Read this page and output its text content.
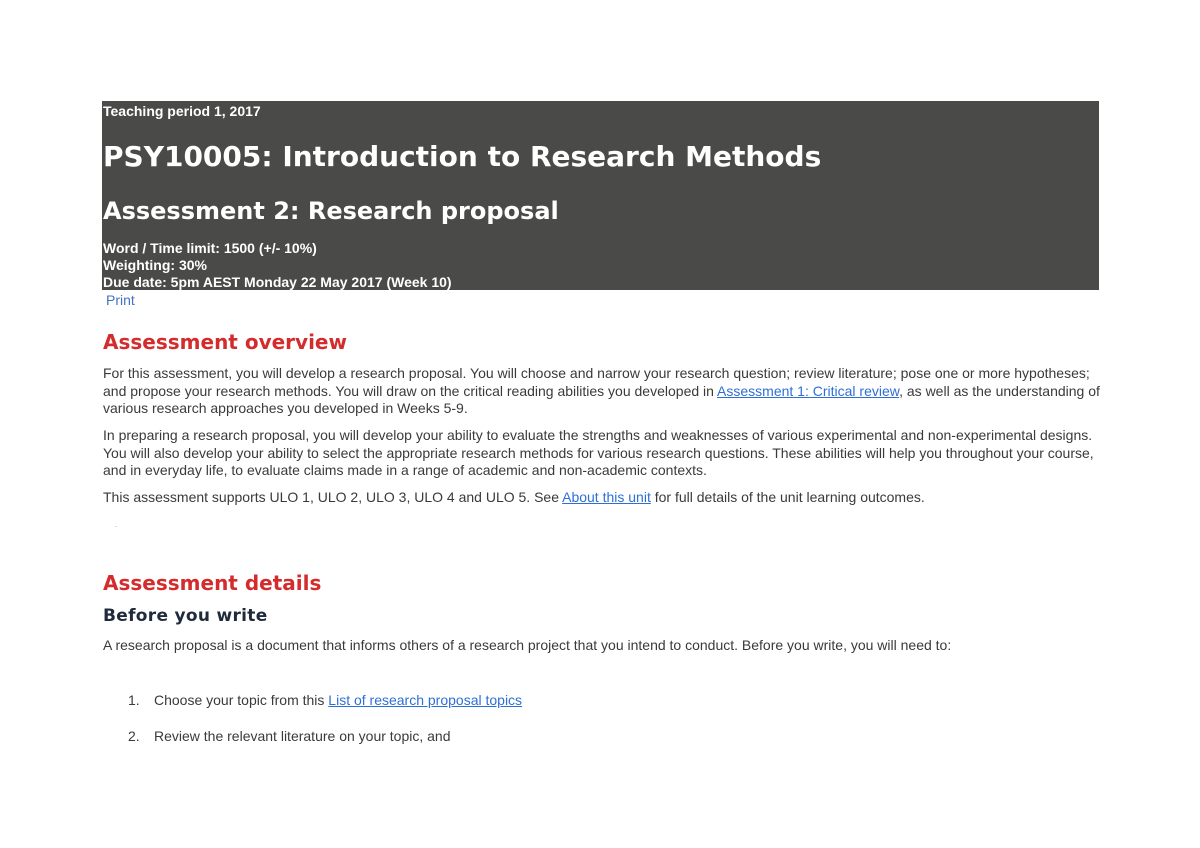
Teaching period 1, 2017
PSY10005: Introduction to Research Methods
Assessment 2: Research proposal
Word / Time limit: 1500 (+/- 10%)
Weighting: 30%
Due date: 5pm AEST Monday 22 May 2017 (Week 10)
Print
Assessment overview
For this assessment, you will develop a research proposal. You will choose and narrow your research question; review literature; pose one or more hypotheses; and propose your research methods. You will draw on the critical reading abilities you developed in Assessment 1: Critical review, as well as the understanding of various research approaches you developed in Weeks 5-9.
In preparing a research proposal, you will develop your ability to evaluate the strengths and weaknesses of various experimental and non-experimental designs. You will also develop your ability to select the appropriate research methods for various research questions. These abilities will help you throughout your course, and in everyday life, to evaluate claims made in a range of academic and non-academic contexts.
This assessment supports ULO 1, ULO 2, ULO 3, ULO 4 and ULO 5. See About this unit for full details of the unit learning outcomes.
.
Assessment details
Before you write
A research proposal is a document that informs others of a research project that you intend to conduct. Before you write, you will need to:
1. Choose your topic from this List of research proposal topics
2. Review the relevant literature on your topic, and
